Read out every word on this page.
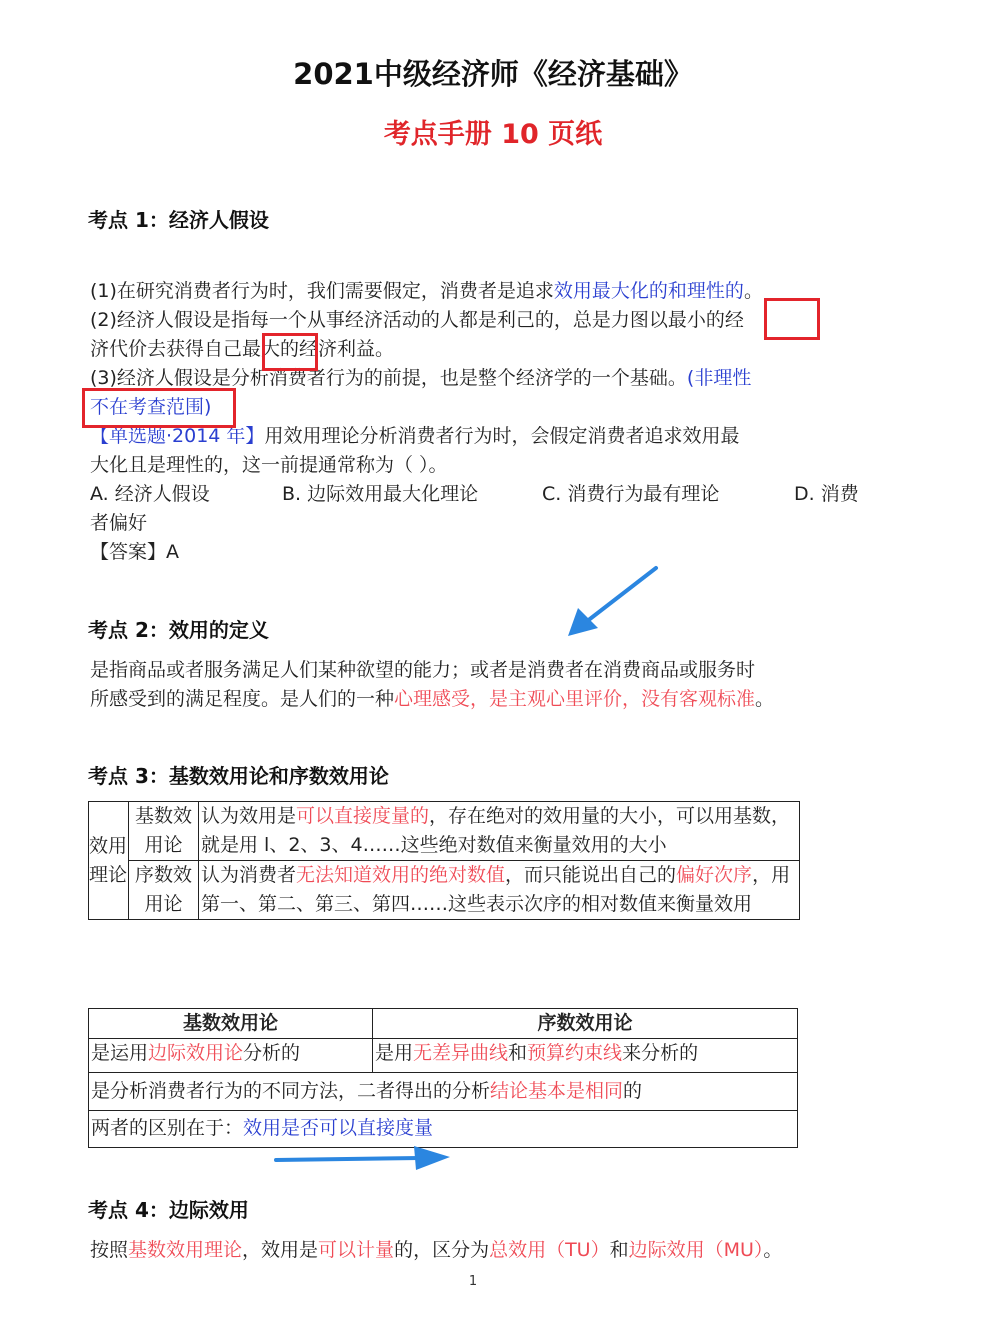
2021中级经济师《经济基础》
考点手册 10 页纸
考点 1：经济人假设
(1)在研究消费者行为时，我们需要假定，消费者是追求效用最大化的和理性的。
(2)经济人假设是指每一个从事经济活动的人都是利己的，总是力图以最小的经
济代价去获得自己最大的经济利益。
(3)经济人假设是分析消费者行为的前提，也是整个经济学的一个基础。(非理性
不在考查范围)
【单选题·2014 年】用效用理论分析消费者行为时，会假定消费者追求效用最
大化且是理性的，这一前提通常称为（ ）。
A. 经济人假设	B. 边际效用最大化理论	C. 消费行为最有理论	D. 消费
者偏好
【答案】A
考点 2：效用的定义
是指商品或者服务满足人们某种欲望的能力；或者是消费者在消费商品或服务时
所感受到的满足程度。是人们的一种心理感受，是主观心里评价，没有客观标准。
考点 3：基数效用论和序数效用论
效用理论	基数效用论	认为效用是可以直接度量的，存在绝对的效用量的大小，可以用基数，就是用 l、2、3、4……这些绝对数值来衡量效用的大小
	序数效用论	认为消费者无法知道效用的绝对数值，而只能说出自己的偏好次序，用第一、第二、第三、第四……这些表示次序的相对数值来衡量效用
基数效用论	序数效用论
是运用边际效用论分析的	是用无差异曲线和预算约束线来分析的
是分析消费者行为的不同方法，二者得出的分析结论基本是相同的	
两者的区别在于：效用是否可以直接度量	
考点 4：边际效用
按照基数效用理论，效用是可以计量的，区分为总效用（TU）和边际效用（MU）。
1
